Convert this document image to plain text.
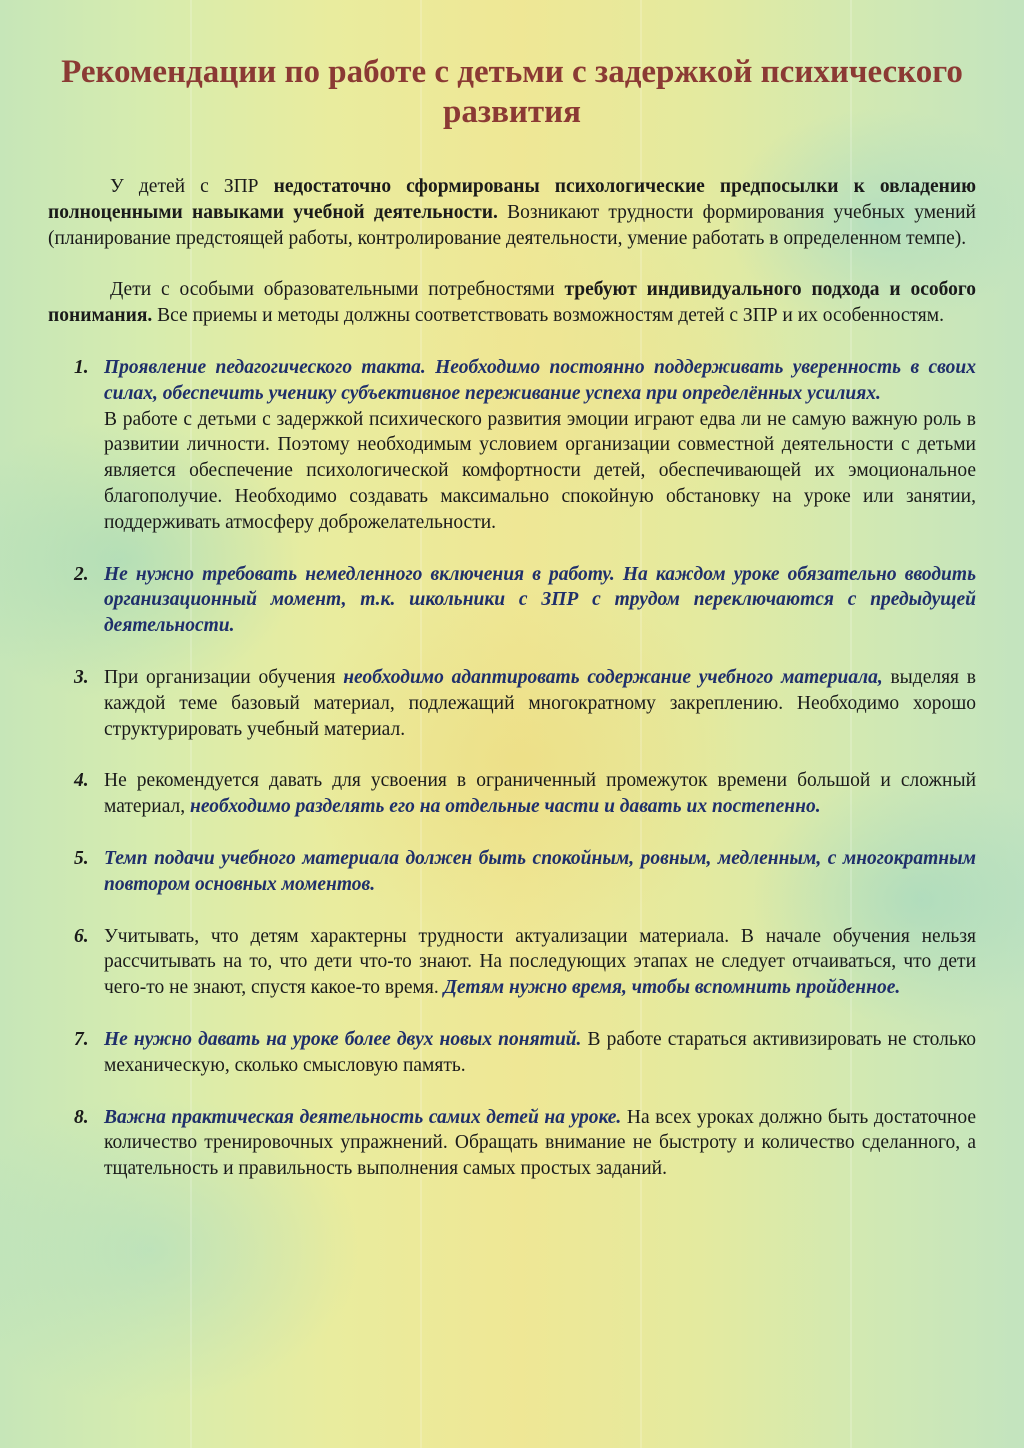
Рекомендации по работе с детьми с задержкой психического развития

У детей с ЗПР недостаточно сформированы психологические предпосылки к овладению полноценными навыками учебной деятельности. Возникают трудности формирования учебных умений (планирование предстоящей работы, контролирование деятельности, умение работать в определенном темпе).

Дети с особыми образовательными потребностями требуют индивидуального подхода и особого понимания. Все приемы и методы должны соответствовать возможностям детей с ЗПР и их особенностям.

1. Проявление педагогического такта. Необходимо постоянно поддерживать уверенность в своих силах, обеспечить ученику субъективное переживание успеха при определённых усилиях.
В работе с детьми с задержкой психического развития эмоции играют едва ли не самую важную роль в развитии личности. Поэтому необходимым условием организации совместной деятельности с детьми является обеспечение психологической комфортности детей, обеспечивающей их эмоциональное благополучие. Необходимо создавать максимально спокойную обстановку на уроке или занятии, поддерживать атмосферу доброжелательности.
2. Не нужно требовать немедленного включения в работу. На каждом уроке обязательно вводить организационный момент, т.к. школьники с ЗПР с трудом переключаются с предыдущей деятельности.
3. При организации обучения необходимо адаптировать содержание учебного материала, выделяя в каждой теме базовый материал, подлежащий многократному закреплению. Необходимо хорошо структурировать учебный материал.
4. Не рекомендуется давать для усвоения в ограниченный промежуток времени большой и сложный материал, необходимо разделять его на отдельные части и давать их постепенно.
5. Темп подачи учебного материала должен быть спокойным, ровным, медленным, с многократным повтором основных моментов.
6. Учитывать, что детям характерны трудности актуализации материала. В начале обучения нельзя рассчитывать на то, что дети что-то знают. На последующих этапах не следует отчаиваться, что дети чего-то не знают, спустя какое-то время. Детям нужно время, чтобы вспомнить пройденное.
7. Не нужно давать на уроке более двух новых понятий. В работе стараться активизировать не столько механическую, сколько смысловую память.
8. Важна практическая деятельность самих детей на уроке. На всех уроках должно быть достаточное количество тренировочных упражнений. Обращать внимание не быстроту и количество сделанного, а тщательность и правильность выполнения самых простых заданий.
